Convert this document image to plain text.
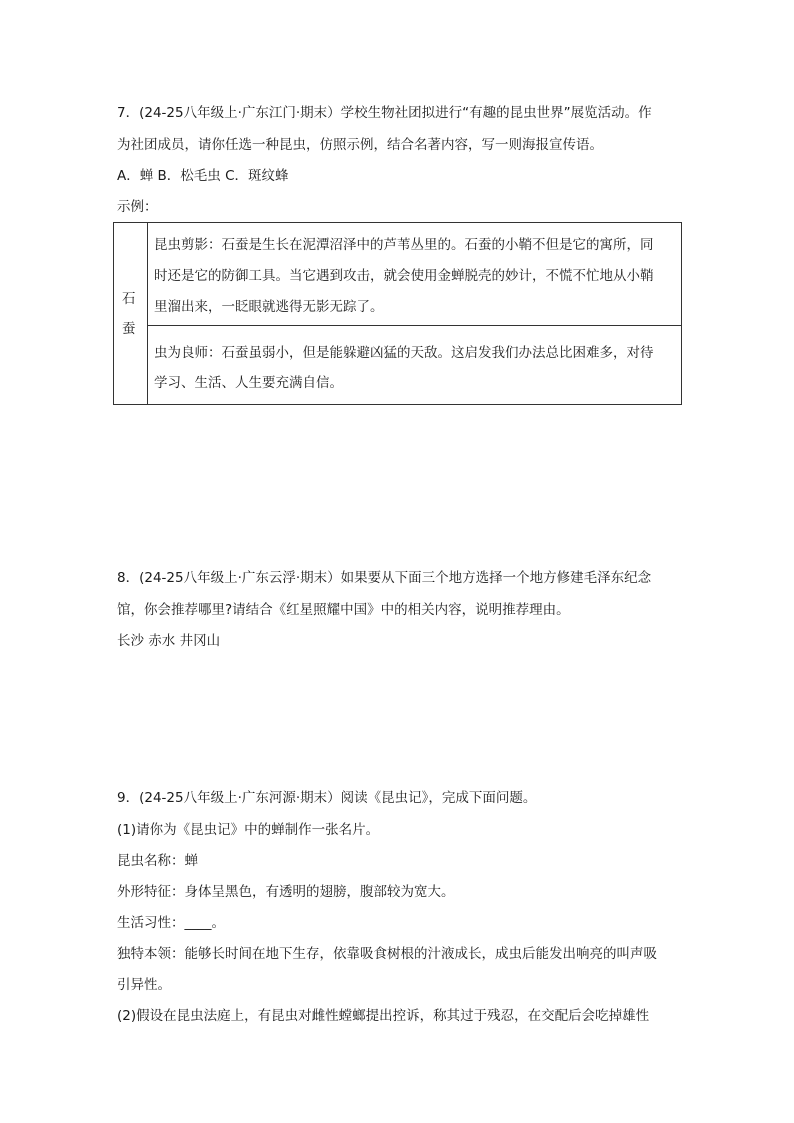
7．(24-25八年级上·广东江门·期末）学校生物社团拟进行“有趣的昆虫世界”展览活动。作
为社团成员，请你任选一种昆虫，仿照示例，结合名著内容，写一则海报宣传语。
A．蝉 B．松毛虫 C．斑纹蜂
示例：
石
蚕
昆虫剪影：石蚕是生长在泥潭沼泽中的芦苇丛里的。石蚕的小鞘不但是它的寓所，同
时还是它的防御工具。当它遇到攻击，就会使用金蝉脱壳的妙计，不慌不忙地从小鞘
里溜出来，一眨眼就逃得无影无踪了。
虫为良师：石蚕虽弱小，但是能躲避凶猛的天敌。这启发我们办法总比困难多，对待
学习、生活、人生要充满自信。
8．(24-25八年级上·广东云浮·期末）如果要从下面三个地方选择一个地方修建毛泽东纪念
馆，你会推荐哪里?请结合《红星照耀中国》中的相关内容，说明推荐理由。
长沙 赤水 井冈山
9．(24-25八年级上·广东河源·期末）阅读《昆虫记》，完成下面问题。
(1)请你为《昆虫记》中的蝉制作一张名片。
昆虫名称：蝉
外形特征：身体呈黑色，有透明的翅膀，腹部较为宽大。
生活习性：____。
独特本领：能够长时间在地下生存，依靠吸食树根的汁液成长，成虫后能发出响亮的叫声吸
引异性。
(2)假设在昆虫法庭上，有昆虫对雌性螳螂提出控诉，称其过于残忍，在交配后会吃掉雄性
